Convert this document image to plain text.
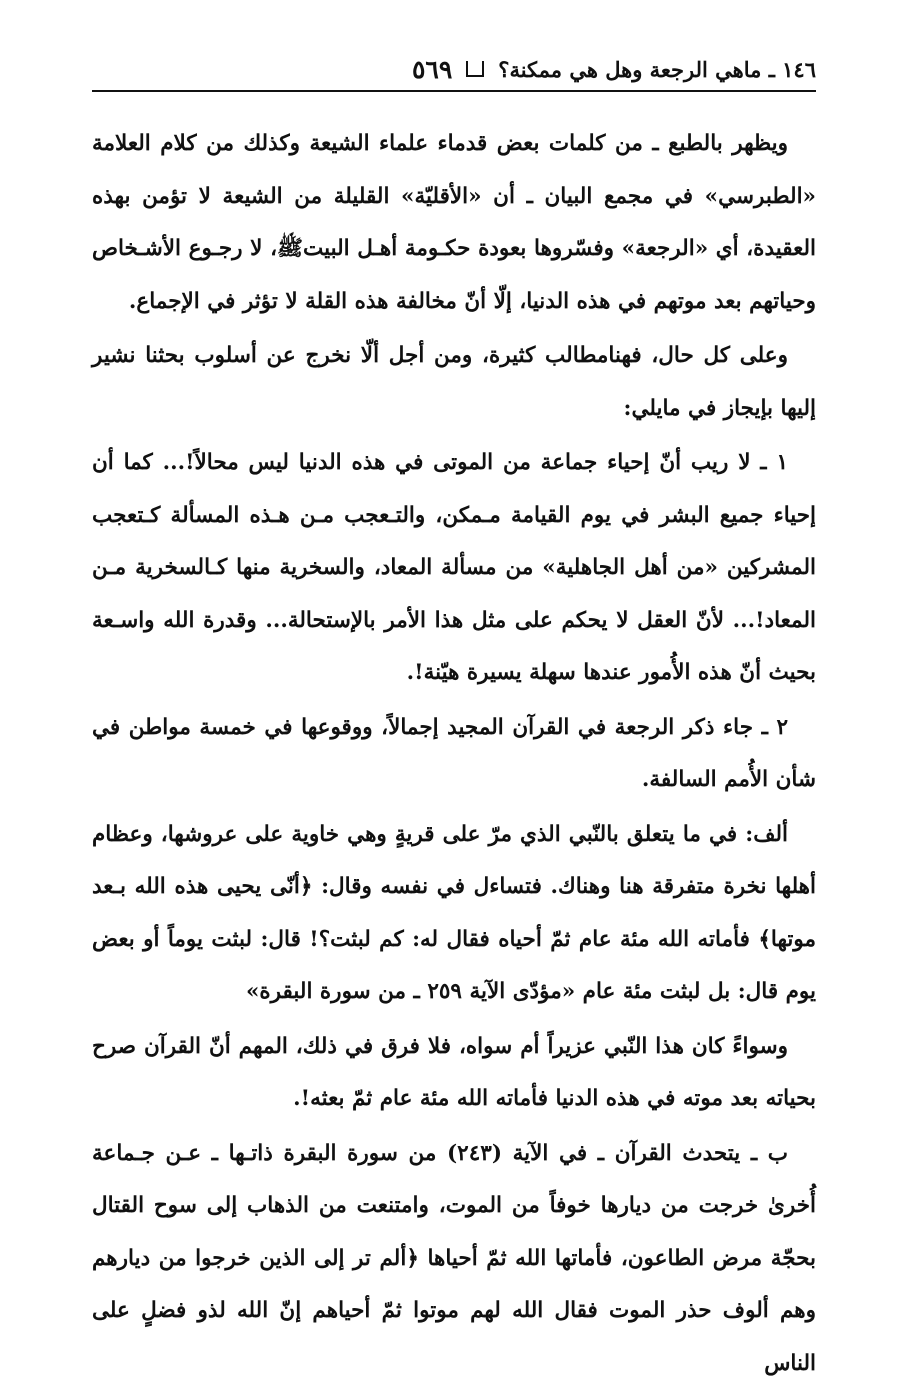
١٤٦ ـ ماهي الرجعة وهل هي ممكنة؟
٥٦٩

ويظهر بالطبع ـ من كلمات بعض قدماء علماء الشيعة وكذلك من كلام العلامة «الطبرسي» في مجمع البيان ـ أن «الأقليّة» القليلة من الشيعة لا تؤمن بهذه العقيدة، أي «الرجعة» وفسّروها بعودة حكـومة أهـل البيتﷺ، لا رجـوع الأشـخاص وحياتهم بعد موتهم في هذه الدنيا، إلّا أنّ مخالفة هذه القلة لا تؤثر في الإجماع.

وعلى كل حال، فهنامطالب كثيرة، ومن أجل ألّا نخرج عن أسلوب بحثنا نشير إليها بإيجاز في مايلي:

١ ـ لا ريب أنّ إحياء جماعة من الموتى في هذه الدنيا ليس محالاً!... كما أن إحياء جميع البشر في يوم القيامة مـمكن، والتـعجب مـن هـذه المسألة كـتعجب المشركين «من أهل الجاهلية» من مسألة المعاد، والسخرية منها كـالسخرية مـن المعاد!... لأنّ العقل لا يحكم على مثل هذا الأمر بالإستحالة... وقدرة الله واسـعة بحيث أنّ هذه الأُمور عندها سهلة يسيرة هيّنة!.

٢ ـ جاء ذكر الرجعة في القرآن المجيد إجمالاً، ووقوعها في خمسة مواطن في شأن الأُمم السالفة.

ألف: في ما يتعلق بالنّبي الذي مرّ على قريةٍ وهي خاوية على عروشها، وعظام أهلها نخرة متفرقة هنا وهناك. فتساءل في نفسه وقال: ﴿أنّى يحيى هذه الله بـعد موتها﴾ فأماته الله مئة عام ثمّ أحياه فقال له: كم لبثت؟! قال: لبثت يوماً أو بعض يوم قال: بل لبثت مئة عام «مؤدّى الآية ٢٥٩ ـ من سورة البقرة»

وسواءً كان هذا النّبي عزيراً أم سواه، فلا فرق في ذلك، المهم أنّ القرآن صرح بحياته بعد موته في هذه الدنيا فأماته الله مئة عام ثمّ بعثه!.

ب ـ يتحدث القرآن ـ في الآية (٢٤٣) من سورة البقرة ذاتـها ـ عـن جـماعة أُخرىٰ خرجت من ديارها خوفاً من الموت، وامتنعت من الذهاب إلى سوح القتال بحجّة مرض الطاعون، فأماتها الله ثمّ أحياها ﴿ألم تر إلى الذين خرجوا من ديارهم وهم ألوف حذر الموت فقال الله لهم موتوا ثمّ أحياهم إنّ الله لذو فضلٍ على الناس
